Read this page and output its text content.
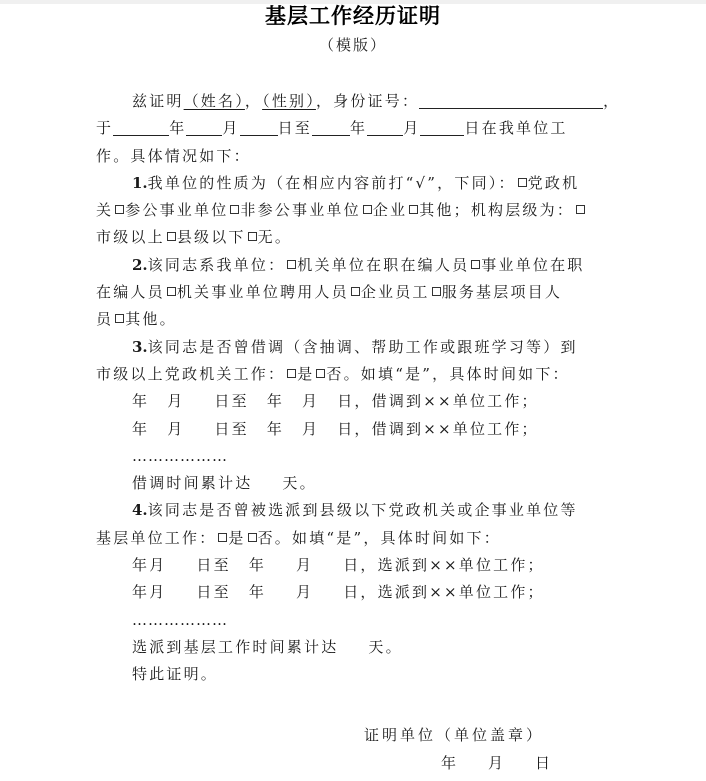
基层工作经历证明
（模版）
兹证明（姓名），（性别），身份证号：	，
于	年 月	日至	年 月	日在我单位工
作。具体情况如下：
1.我单位的性质为（在相应内容前打“√”，下同）： 党政机
关 参公事业单位 非参公事业单位 企业 其他；机构层级为：
市级以上 县级以下 无。
2.该同志系我单位： 机关单位在职在编人员 事业单位在职
在编人员 机关事业单位聘用人员 企业员工 服务基层项目人
员 其他。
3.该同志是否曾借调（含抽调、帮助工作或跟班学习等）到
市级以上党政机关工作： 是 否。如填“是”，具体时间如下：
年 月 日至 年 月 日，借调到××单位工作；
年 月 日至 年 月 日，借调到××单位工作；
………………
借调时间累计达 天。
4.该同志是否曾被选派到县级以下党政机关或企事业单位等
基层单位工作： 是 否。如填“是”，具体时间如下：
年月 日至 年 月 日，选派到××单位工作；
年月 日至 年 月 日，选派到××单位工作；
………………
选派到基层工作时间累计达 天。
特此证明。
证明单位（单位盖章）
年 月 日
